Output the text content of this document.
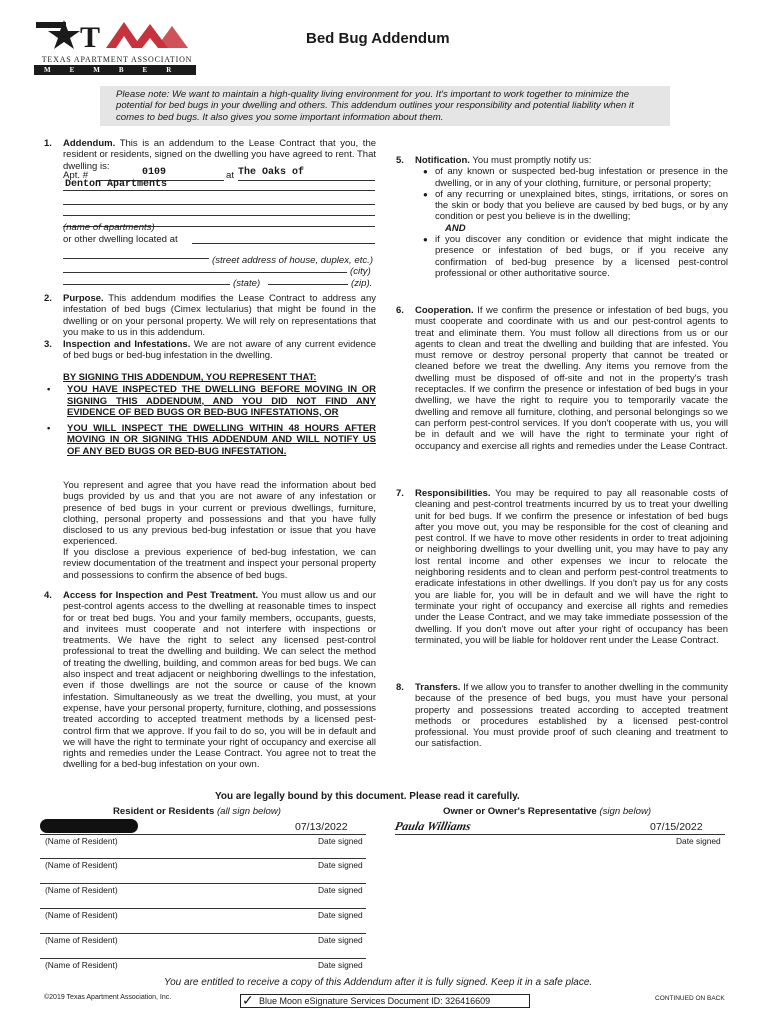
T
TEXAS APARTMENT ASSOCIATION
MEMBER
Bed Bug Addendum
Please note: We want to maintain a high-quality living environment for you. It's important to work together to minimize the potential for bed bugs in your dwelling and others. This addendum outlines your responsibility and potential liability when it comes to bed bugs. It also gives you some important information about them.
1.	Addendum. This is an addendum to the Lease Contract that you, the resident or residents, signed on the dwelling you have agreed to rent. That dwelling is:
Apt. #	0109	at The Oaks of
Denton Apartments
(name of apartments)
or other dwelling located at
(street address of house, duplex, etc.)
(city)
(state)	(zip).
2.	Purpose. This addendum modifies the Lease Contract to address any infestation of bed bugs (Cimex lectularius) that might be found in the dwelling or on your personal property. We will rely on representations that you make to us in this addendum.
3.	Inspection and Infestations. We are not aware of any current evidence of bed bugs or bed-bug infestation in the dwelling.
BY SIGNING THIS ADDENDUM, YOU REPRESENT THAT:
• YOU HAVE INSPECTED THE DWELLING BEFORE MOVING IN OR SIGNING THIS ADDENDUM, AND YOU DID NOT FIND ANY EVIDENCE OF BED BUGS OR BED-BUG INFESTATIONS, OR
• YOU WILL INSPECT THE DWELLING WITHIN 48 HOURS AFTER MOVING IN OR SIGNING THIS ADDENDUM AND WILL NOTIFY US OF ANY BED BUGS OR BED-BUG INFESTATION.
You represent and agree that you have read the information about bed bugs provided by us and that you are not aware of any infestation or presence of bed bugs in your current or previous dwellings, furniture, clothing, personal property and possessions and that you have fully disclosed to us any previous bed-bug infestation or issue that you have experienced.
If you disclose a previous experience of bed-bug infestation, we can review documentation of the treatment and inspect your personal property and possessions to confirm the absence of bed bugs.
4.	Access for Inspection and Pest Treatment. You must allow us and our pest-control agents access to the dwelling at reasonable times to inspect for or treat bed bugs. You and your family members, occupants, guests, and invitees must cooperate and not interfere with inspections or treatments. We have the right to select any licensed pest-control professional to treat the dwelling and building. We can select the method of treating the dwelling, building, and common areas for bed bugs. We can also inspect and treat adjacent or neighboring dwellings to the infestation, even if those dwellings are not the source or cause of the known infestation. Simultaneously as we treat the dwelling, you must, at your expense, have your personal property, furniture, clothing, and possessions treated according to accepted treatment methods by a licensed pest-control firm that we approve. If you fail to do so, you will be in default and we will have the right to terminate your right of occupancy and exercise all rights and remedies under the Lease Contract. You agree not to treat the dwelling for a bed-bug infestation on your own.
5.	Notification. You must promptly notify us:
● of any known or suspected bed-bug infestation or presence in the dwelling, or in any of your clothing, furniture, or personal property;
● of any recurring or unexplained bites, stings, irritations, or sores on the skin or body that you believe are caused by bed bugs, or by any condition or pest you believe is in the dwelling;
AND
● if you discover any condition or evidence that might indicate the presence or infestation of bed bugs, or if you receive any confirmation of bed-bug presence by a licensed pest-control professional or other authoritative source.
6.	Cooperation. If we confirm the presence or infestation of bed bugs, you must cooperate and coordinate with us and our pest-control agents to treat and eliminate them. You must follow all directions from us or our agents to clean and treat the dwelling and building that are infested. You must remove or destroy personal property that cannot be treated or cleaned before we treat the dwelling. Any items you remove from the dwelling must be disposed of off-site and not in the property's trash receptacles. If we confirm the presence or infestation of bed bugs in your dwelling, we have the right to require you to temporarily vacate the dwelling and remove all furniture, clothing, and personal belongings so we can perform pest-control services. If you don't cooperate with us, you will be in default and we will have the right to terminate your right of occupancy and exercise all rights and remedies under the Lease Contract.
7.	Responsibilities. You may be required to pay all reasonable costs of cleaning and pest-control treatments incurred by us to treat your dwelling unit for bed bugs. If we confirm the presence or infestation of bed bugs after you move out, you may be responsible for the cost of cleaning and pest control. If we have to move other residents in order to treat adjoining or neighboring dwellings to your dwelling unit, you may have to pay any lost rental income and other expenses we incur to relocate the neighboring residents and to clean and perform pest-control treatments to eradicate infestations in other dwellings. If you don't pay us for any costs you are liable for, you will be in default and we will have the right to terminate your right of occupancy and exercise all rights and remedies under the Lease Contract, and we may take immediate possession of the dwelling. If you don't move out after your right of occupancy has been terminated, you will be liable for holdover rent under the Lease Contract.
8.	Transfers. If we allow you to transfer to another dwelling in the community because of the presence of bed bugs, you must have your personal property and possessions treated according to accepted treatment methods or procedures established by a licensed pest-control professional. You must provide proof of such cleaning and treatment to our satisfaction.
You are legally bound by this document. Please read it carefully.
Resident or Residents (all sign below)	Owner or Owner's Representative (sign below)
07/13/2022	Paula Williams	07/15/2022
Date signed
(Name of Resident)	Date signed
(Name of Resident)	Date signed
(Name of Resident)	Date signed
(Name of Resident)	Date signed
(Name of Resident)	Date signed
(Name of Resident)	Date signed
You are entitled to receive a copy of this Addendum after it is fully signed. Keep it in a safe place.
©2019 Texas Apartment Association, Inc.	✓ Blue Moon eSignature Services Document ID: 326416609	CONTINUED ON BACK
